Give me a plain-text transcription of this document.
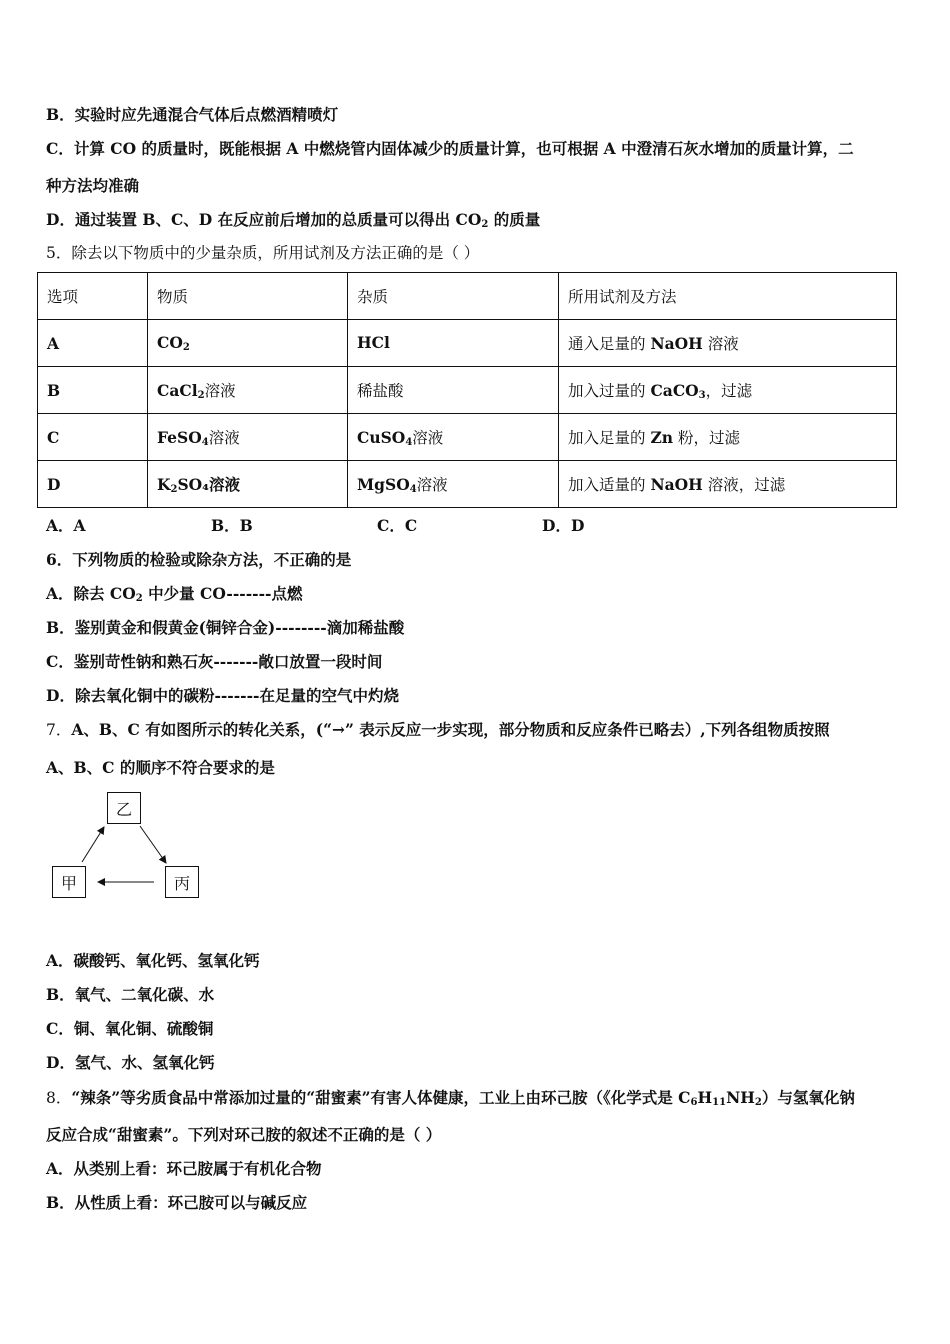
B．实验时应先通混合气体后点燃酒精喷灯
C．计算 CO 的质量时，既能根据 A 中燃烧管内固体减少的质量计算，也可根据 A 中澄清石灰水增加的质量计算，二
种方法均准确
D．通过装置 B、C、D 在反应前后增加的总质量可以得出 $CO_2$ 的质量
5．除去以下物质中的少量杂质，所用试剂及方法正确的是（ ）
选项	物质	杂质	所用试剂及方法
A	$CO_2$	HCl	通入足量的 NaOH 溶液
B	CaCl$_2$溶液	稀盐酸	加入过量的 CaCO$_3$，过滤
C	FeSO$_4$溶液	CuSO$_4$溶液	加入足量的 Zn 粉，过滤
D	$K_2SO_4$溶液	MgSO$_4$溶液	加入适量的 NaOH 溶液，过滤
A．A	B．B	C．C	D．D
6．下列物质的检验或除杂方法，不正确的是
A．除去 $CO_2$ 中少量 CO-------点燃
B．鉴别黄金和假黄金(铜锌合金)--------滴加稀盐酸
C．鉴别苛性钠和熟石灰-------敞口放置一段时间
D．除去氧化铜中的碳粉-------在足量的空气中灼烧
7．A、B、C 有如图所示的转化关系，(“→” 表示反应一步实现，部分物质和反应条件已略去）,下列各组物质按照
A、B、C 的顺序不符合要求的是
乙
甲	丙
A．碳酸钙、氧化钙、氢氧化钙
B．氧气、二氧化碳、水
C．铜、氧化铜、硫酸铜
D．氢气、水、氢氧化钙
8．“辣条”等劣质食品中常添加过量的“甜蜜素”有害人体健康，工业上由环己胺（《化学式是 $C_6H_{11}NH_2$）与氢氧化钠
反应合成“甜蜜素”。下列对环己胺的叙述不正确的是（ ）
A．从类别上看：环己胺属于有机化合物
B．从性质上看：环己胺可以与碱反应
